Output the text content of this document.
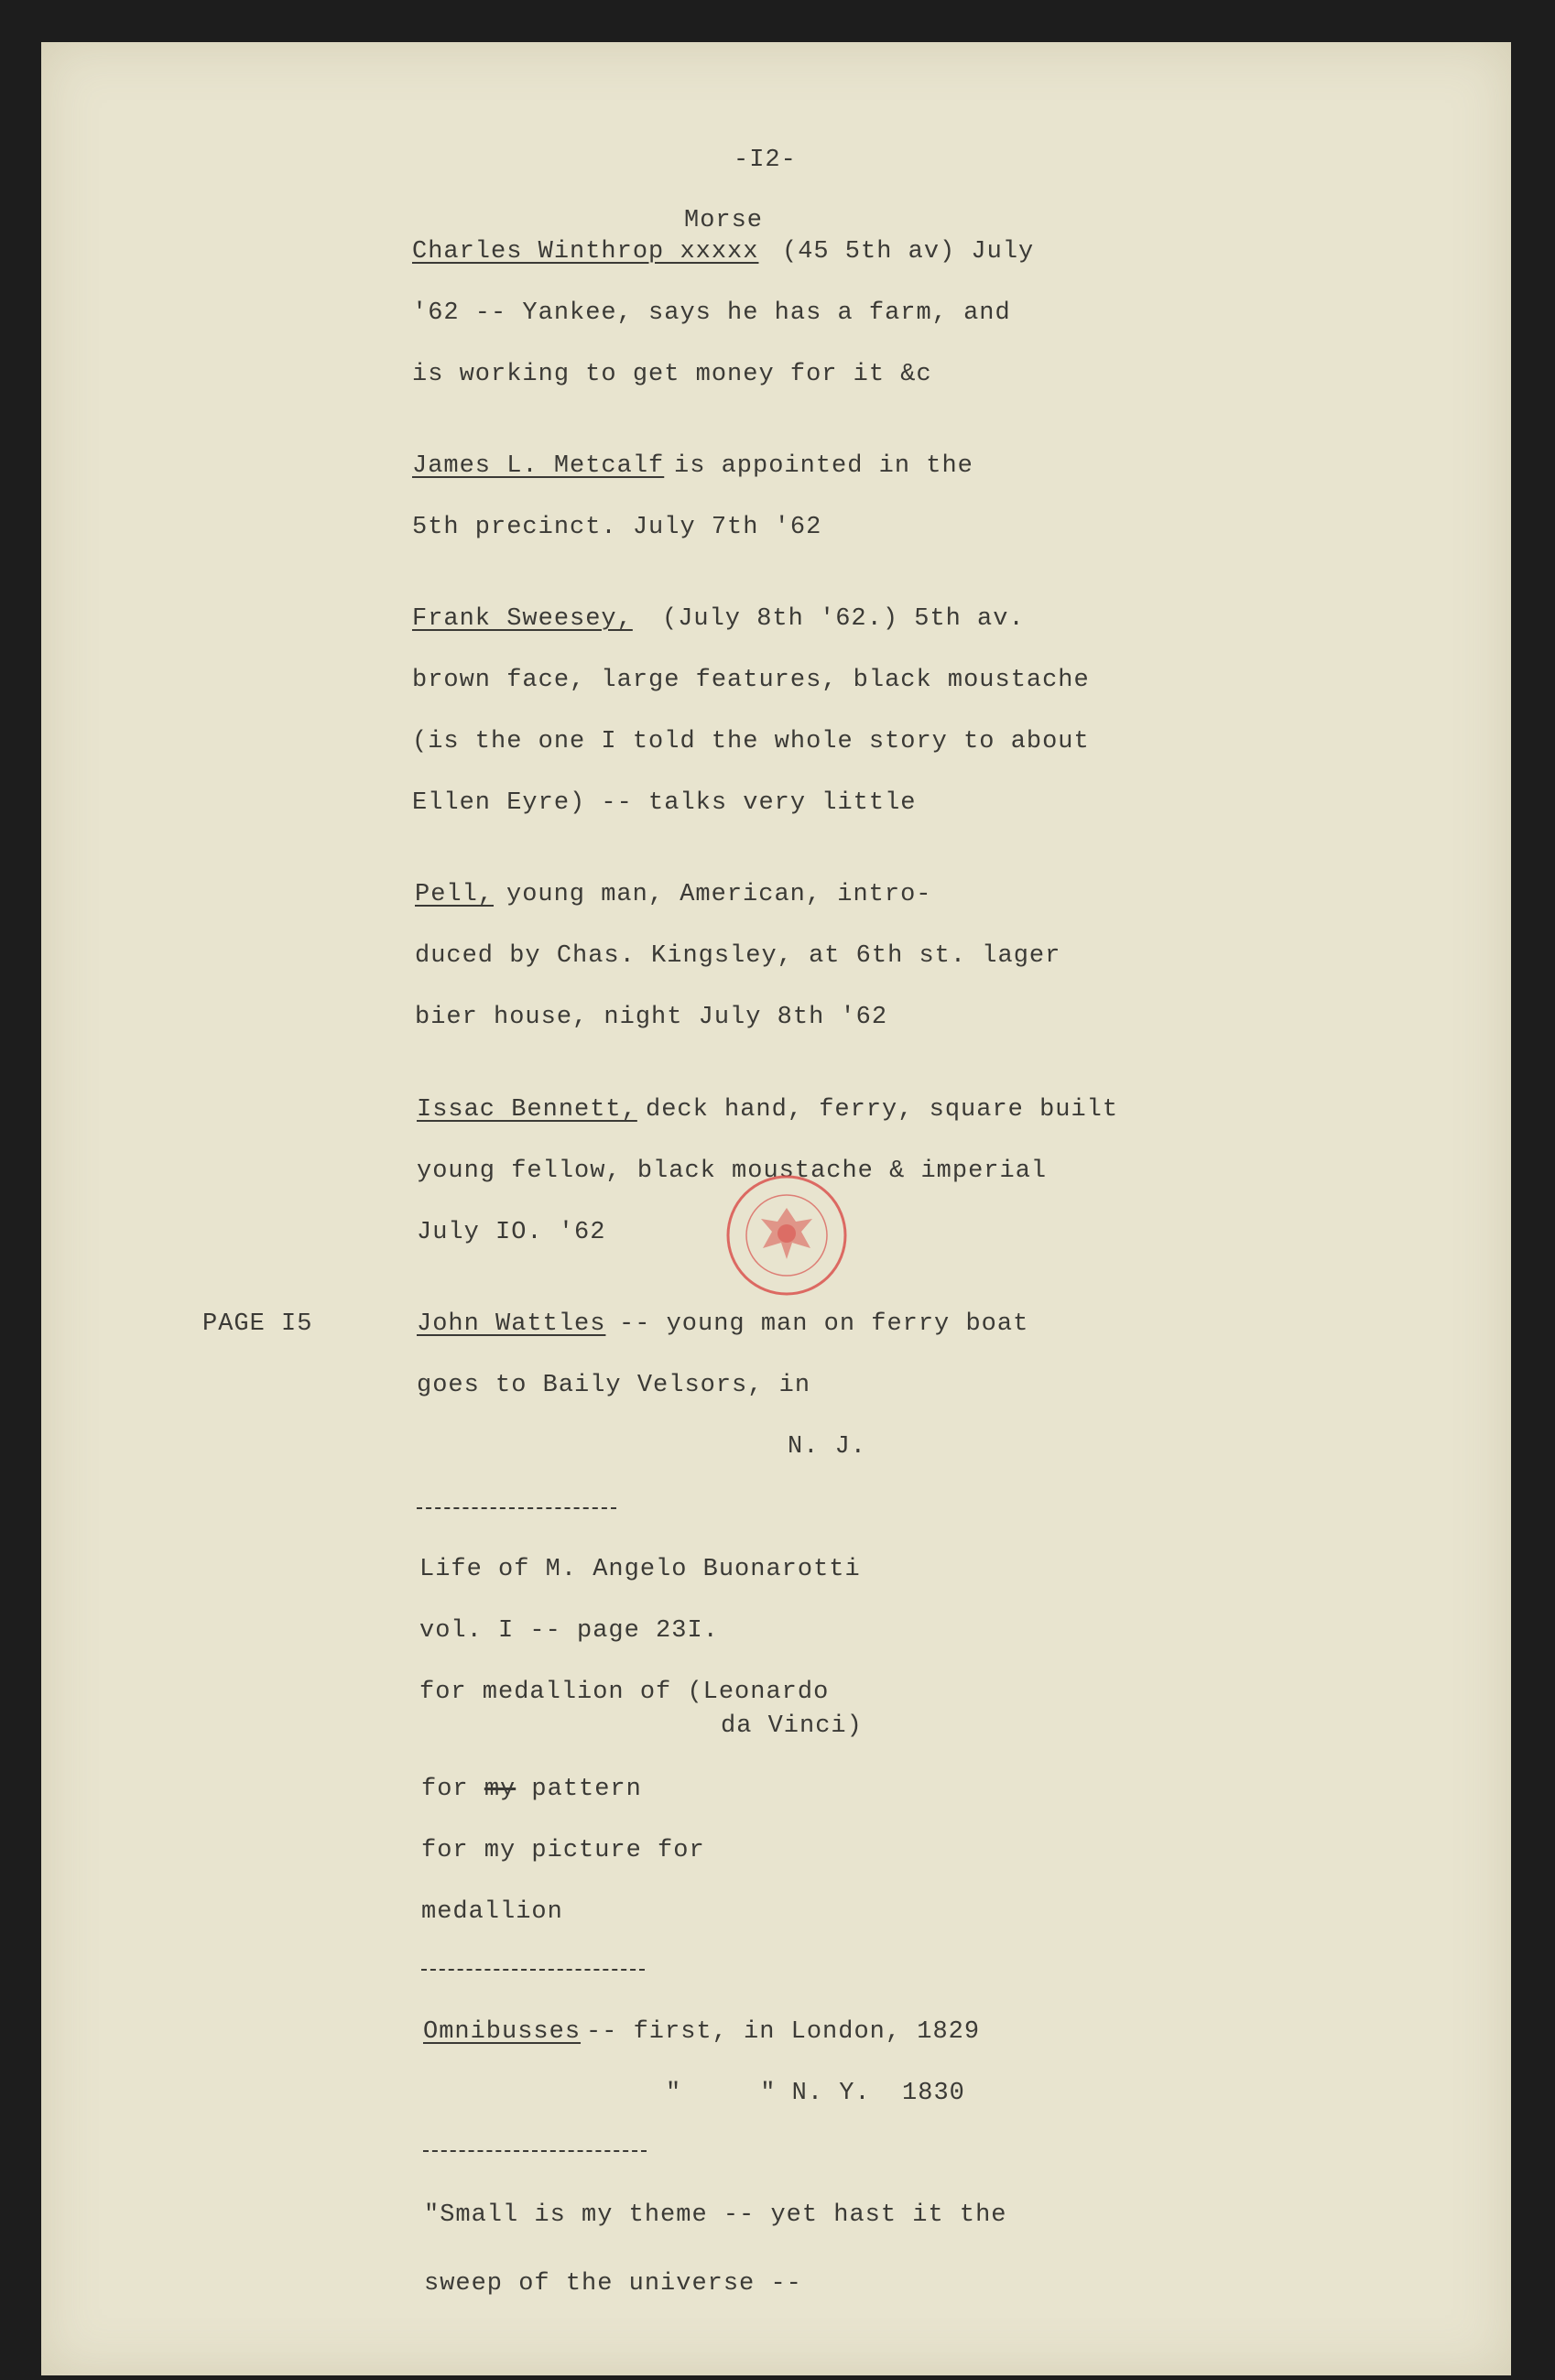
-I2-
Morse
Charles Winthrop xxxxx (45 5th av) July
'62 -- Yankee, says he has a farm, and
is working to get money for it &c
James L. Metcalf is appointed in the
5th precinct. July 7th '62
Frank Sweesey, (July 8th '62.) 5th av.
brown face, large features, black moustache
(is the one I told the whole story to about
Ellen Eyre) -- talks very little
Pell, young man, American, intro-
duced by Chas. Kingsley, at 6th st. lager
bier house, night July 8th '62
Issac Bennett, deck hand, ferry, square built
young fellow, black moustache & imperial
July IO. '62
PAGE I5	John Wattles -- young man on ferry boat
goes to Baily Velsors, in
N. J.
Life of M. Angelo Buonarotti
vol. I -- page 23I.
for medallion of (Leonardo
da Vinci)
for my pattern
for my picture for
medallion
Omnibusses -- first, in London, 1829
"     " N. Y.  1830
"Small is my theme -- yet hast it the
sweep of the universe --
